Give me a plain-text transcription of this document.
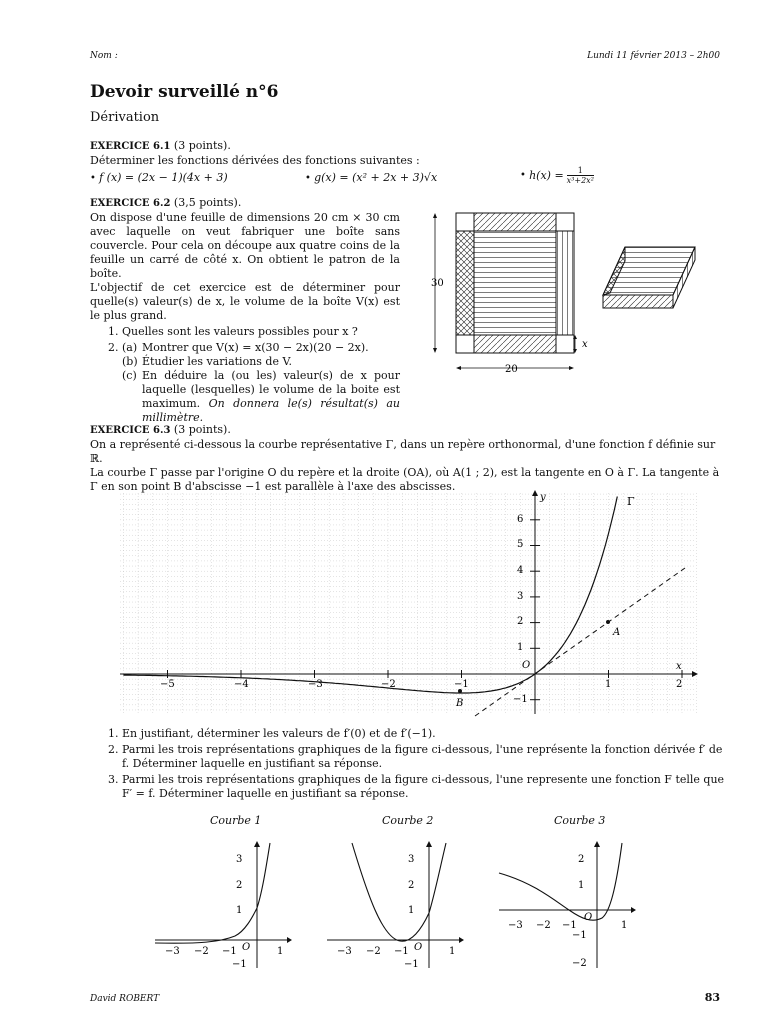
Nom :	Lundi 11 février 2013 – 2h00
Devoir surveillé n°6
Dérivation
EXERCICE 6.1 (3 points).
Déterminer les fonctions dérivées des fonctions suivantes :
• f (x) = (2x − 1)(4x + 3)	• g(x) = (x² + 2x + 3)√x	• $h(x) = \frac{1}{\text{x³+2x²}}$
EXERCICE 6.2 (3,5 points).
On dispose d'une feuille de dimensions 20 cm × 30 cm avec laquelle on veut fabriquer une boîte sans couvercle. Pour cela on découpe aux quatre coins de la feuille un carré de côté x. On obtient le patron de la boîte.
L'objectif de cet exercice est de déterminer pour quelle(s) valeur(s) de x, le volume de la boîte V(x) est le plus grand.
1. Quelles sont les valeurs possibles pour x ?
2. (a) Montrer que V(x) = x(30 − 2x)(20 − 2x).
(b) Étudier les variations de V.
(c) En déduire la (ou les) valeur(s) de x pour laquelle (lesquelles) le volume de la boite est maximum. On donnera le(s) résultat(s) au millimètre.
30
20
x
EXERCICE 6.3 (3 points).
On a représenté ci-dessous la courbe représentative Γ, dans un repère orthonormal, d'une fonction f définie sur ℝ.
La courbe Γ passe par l'origine O du repère et la droite (OA), où A(1 ; 2), est la tangente en O à Γ. La tangente à Γ en son point B d'abscisse −1 est parallèle à l'axe des abscisses.
Γ
y
x
O
A
B
6
5
4
3
2
1
−1
−5	−4	−3	−2	−1	1	2
1. En justifiant, déterminer les valeurs de f′(0) et de f′(−1).
2. Parmi les trois représentations graphiques de la figure ci-dessous, l'une représente la fonction dérivée f′ de f. Déterminer laquelle en justifiant sa réponse.
3. Parmi les trois représentations graphiques de la figure ci-dessous, l'une represente une fonction F telle que F′ = f. Déterminer laquelle en justifiant sa réponse.
Courbe 1	Courbe 2	Courbe 3
−3 −2 −1	1
O
3
2
1
−1
−3 −2 −1	1
O
3
2
1
−1
−3 −2 −1	1
O
2
1
−1
−2
David ROBERT	83
